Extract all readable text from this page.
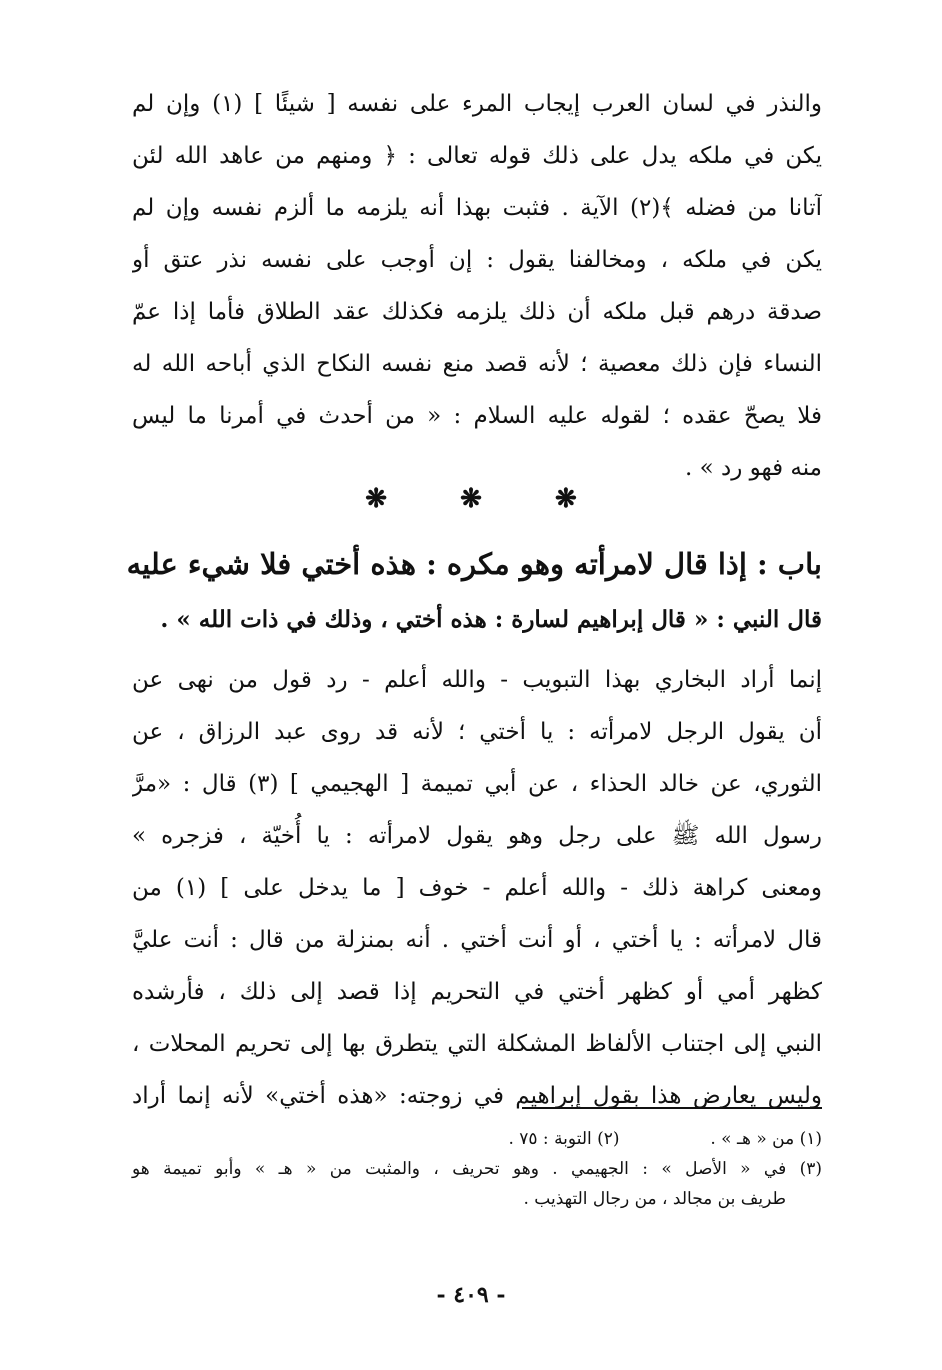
والنذر في لسان العرب إيجاب المرء على نفسه [ شيئًا ] (١) وإن لم
يكن في ملكه يدل على ذلك قوله تعالى : ﴿ ومنهم من عاهد الله لئن
آتانا من فضله ﴾(٢) الآية . فثبت بهذا أنه يلزمه ما ألزم نفسه وإن لم
يكن في ملكه ، ومخالفنا يقول : إن أوجب على نفسه نذر عتق أو
صدقة درهم قبل ملكه أن ذلك يلزمه فكذلك عقد الطلاق فأما إذا عمّ
النساء فإن ذلك معصية ؛ لأنه قصد منع نفسه النكاح الذي أباحه الله له
فلا يصحّ عقده ؛ لقوله عليه السلام : « من أحدث في أمرنا ما ليس
منه فهو رد » .
❋	❋	❋
باب : إذا قال لامرأته وهو مكره : هذه أختي فلا شيء عليه
قال النبي : « قال إبراهيم لسارة : هذه أختي ، وذلك في ذات الله » .
إنما أراد البخاري بهذا التبويب - والله أعلم - رد قول من نهى عن
أن يقول الرجل لامرأته : يا أختي ؛ لأنه قد روى عبد الرزاق ، عن
الثوري، عن خالد الحذاء ، عن أبي تميمة [ الهجيمي ] (٣) قال : «مرَّ
رسول الله ﷺ على رجل وهو يقول لامرأته : يا أُخيّة ، فزجره »
ومعنى كراهة ذلك - والله أعلم - خوف [ ما يدخل على ] (١) من
قال لامرأته : يا أختي ، أو أنت أختي . أنه بمنزلة من قال : أنت عليَّ
كظهر أمي أو كظهر أختي في التحريم إذا قصد إلى ذلك ، فأرشده
النبي إلى اجتناب الألفاظ المشكلة التي يتطرق بها إلى تحريم المحلات ،
وليس يعارض هذا بقول إبراهيم في زوجته: «هذه أختي» لأنه إنما أراد
(١) من « هـ » .  (٢) التوبة : ٧٥ .
(٣) في « الأصل » : الجهيمي . وهو تحريف ، والمثبت من « هـ » وأبو تميمة هو
طريف بن مجالد ، من رجال التهذيب .
- ٤٠٩ -
